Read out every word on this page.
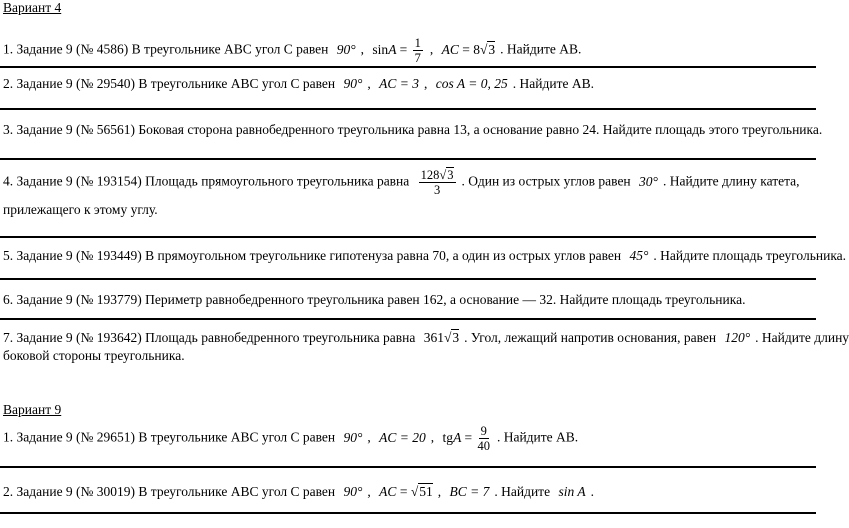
Вариант 4
1. Задание 9 (№ 4586) В треугольнике ABC угол C равен 90° , $\sin A = \frac{1}{7}$ , AC = 8√3 . Найдите AB.
2. Задание 9 (№ 29540) В треугольнике ABC угол C равен 90° , AC = 3 , cos A = 0, 25 . Найдите AB.
3. Задание 9 (№ 56561) Боковая сторона равнобедренного треугольника равна 13, а основание равно 24. Найдите площадь этого треугольника.
4. Задание 9 (№ 193154) Площадь прямоугольного треугольника равна $\frac{128√3}{3}$ . Один из острых углов равен 30° . Найдите длину катета,
прилежащего к этому углу.
5. Задание 9 (№ 193449) В прямоугольном треугольнике гипотенуза равна 70, а один из острых углов равен 45° . Найдите площадь треугольника.
6. Задание 9 (№ 193779) Периметр равнобедренного треугольника равен 162, а основание — 32. Найдите площадь треугольника.
7. Задание 9 (№ 193642) Площадь равнобедренного треугольника равна 361√3 . Угол, лежащий напротив основания, равен 120° . Найдите длину
боковой стороны треугольника.
Вариант 9
1. Задание 9 (№ 29651) В треугольнике ABC угол C равен 90° , AC = 20 , tgA = $\frac{9}{40}$ . Найдите AB.
2. Задание 9 (№ 30019) В треугольнике ABC угол C равен 90° , AC = √51 , BC = 7 . Найдите sin A .
